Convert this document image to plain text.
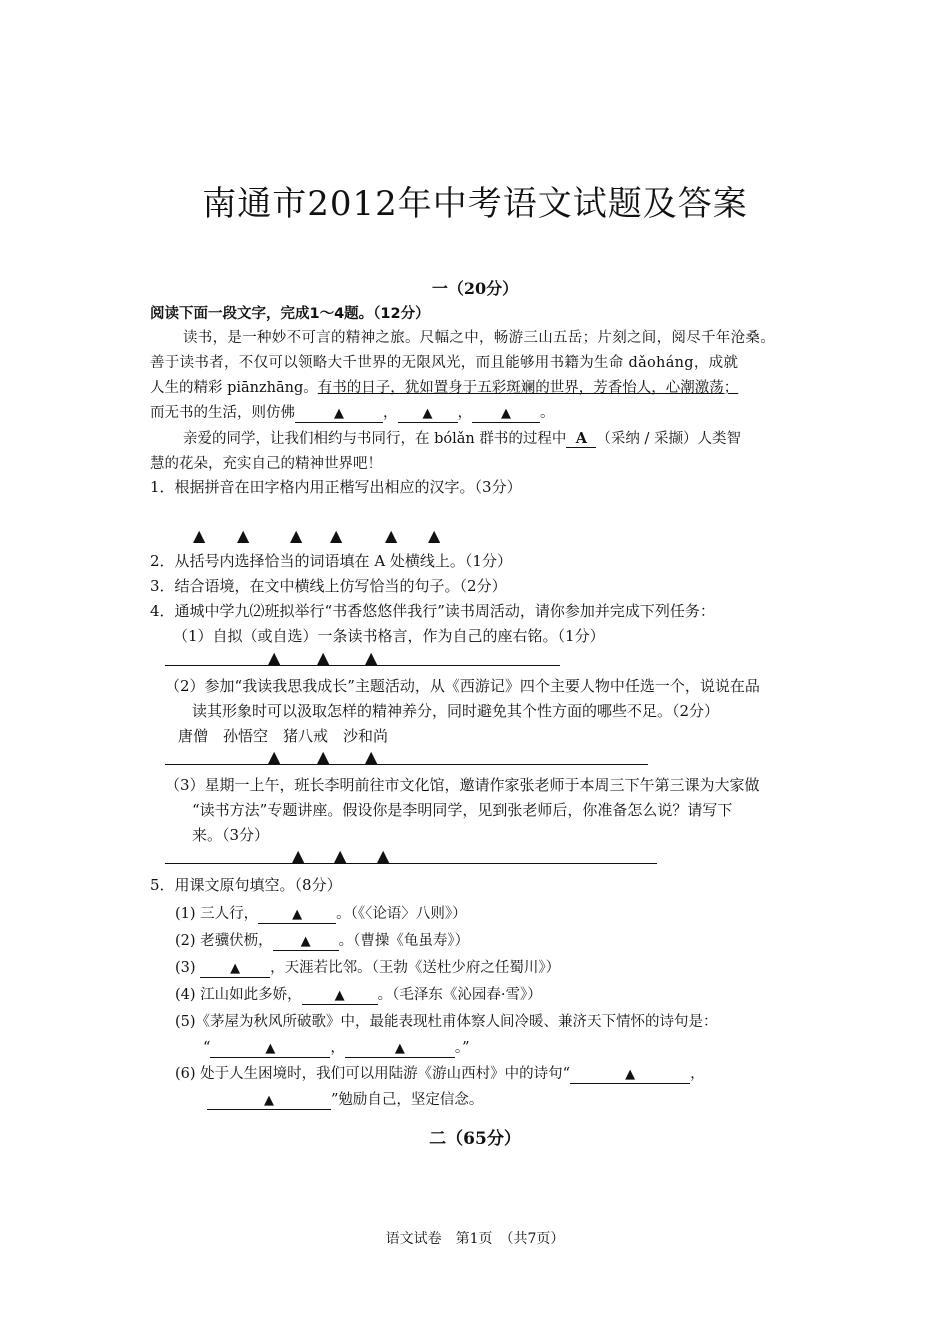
南通市2012年中考语文试题及答案
一（20分）
阅读下面一段文字，完成1～4题。（12分）
读书，是一种妙不可言的精神之旅。尺幅之中，畅游三山五岳；片刻之间，阅尽千年沧桑。
善于读书者，不仅可以领略大千世界的无限风光，而且能够用书籍为生命 dǎoháng，成就
人生的精彩 piānzhāng。有书的日子，犹如置身于五彩斑斓的世界，芳香怡人，心潮激荡；
而无书的生活，则仿佛	▲	， ▲ ， ▲ 。
亲爱的同学，让我们相约与书同行，在 bólǎn 群书的过程中 A （采纳 / 采撷）人类智
慧的花朵，充实自己的精神世界吧！
1．根据拼音在田字格内用正楷写出相应的汉字。（3分）
▲ ▲	▲ ▲	▲ ▲
2．从括号内选择恰当的词语填在 A 处横线上。（1分）
3．结合语境，在文中横线上仿写恰当的句子。（2分）
4．通城中学九⑵班拟举行“书香悠悠伴我行”读书周活动，请你参加并完成下列任务：
（1）自拟（或自选）一条读书格言，作为自己的座右铭。（1分）
▲ ▲ ▲
（2）参加“我读我思我成长”主题活动，从《西游记》四个主要人物中任选一个，说说在品
读其形象时可以汲取怎样的精神养分，同时避免其个性方面的哪些不足。（2分）
唐僧　孙悟空　猪八戒　沙和尚
▲ ▲ ▲
（3）星期一上午，班长李明前往市文化馆，邀请作家张老师于本周三下午第三课为大家做
“读书方法”专题讲座。假设你是李明同学，见到张老师后，你准备怎么说？请写下
来。（3分）
▲ ▲ ▲
5．用课文原句填空。（8分）
(1) 三人行，	▲ 。（《〈论语〉八则》）
(2) 老骥伏枥， ▲ 。（曹操《龟虽寿》）
(3)	▲ ，天涯若比邻。（王勃《送杜少府之任蜀川》）
(4) 江山如此多娇，	▲ 。（毛泽东《沁园春·雪》）
(5)《茅屋为秋风所破歌》中，最能表现杜甫体察人间冷暖、兼济天下情怀的诗句是：
“	▲	，	▲	。”
(6) 处于人生困境时，我们可以用陆游《游山西村》中的诗句“	▲	，
▲	”勉励自己，坚定信念。
二（65分）
语文试卷　第1页　（共7页）
